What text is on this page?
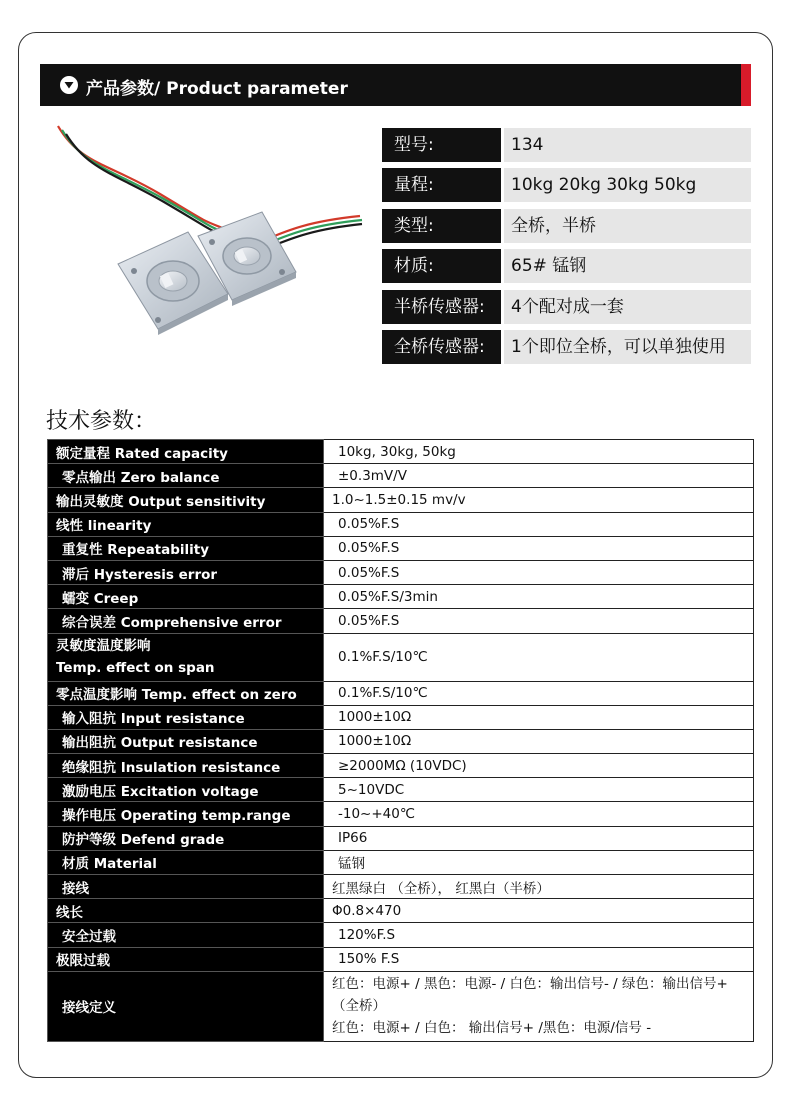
产品参数/ Product parameter
型号:	134
量程:	10kg 20kg 30kg 50kg
类型:	全桥，半桥
材质:	65# 锰钢
半桥传感器:	4个配对成一套
全桥传感器:	1个即位全桥，可以单独使用
技术参数：
额定量程 Rated capacity	10kg, 30kg, 50kg
零点输出 Zero balance	±0.3mV/V
输出灵敏度 Output sensitivity	1.0~1.5±0.15 mv/v
线性 linearity	0.05%F.S
重复性 Repeatability	0.05%F.S
滞后 Hysteresis error	0.05%F.S
蠕变 Creep	0.05%F.S/3min
综合误差 Comprehensive error	0.05%F.S

灵敏度温度影响
Temp. effect on span	0.1%F.S/10℃
零点温度影响 Temp. effect on zero	0.1%F.S/10℃
输入阻抗 Input resistance	1000±10Ω
输出阻抗 Output resistance	1000±10Ω
绝缘阻抗 Insulation resistance	≥2000MΩ (10VDC)
激励电压 Excitation voltage	5~10VDC
操作电压 Operating temp.range	-10~+40℃
防护等级 Defend grade	IP66
材质 Material	锰钢
接线	红黑绿白 （全桥）， 红黑白（半桥）
线长	Φ0.8×470
安全过载	120%F.S
极限过载	150% F.S
接线定义	红色：电源+ / 黑色：电源- / 白色：输出信号- / 绿色：输出信号+ （全桥）
红色：电源+ / 白色： 输出信号+ /黑色：电源/信号 -
